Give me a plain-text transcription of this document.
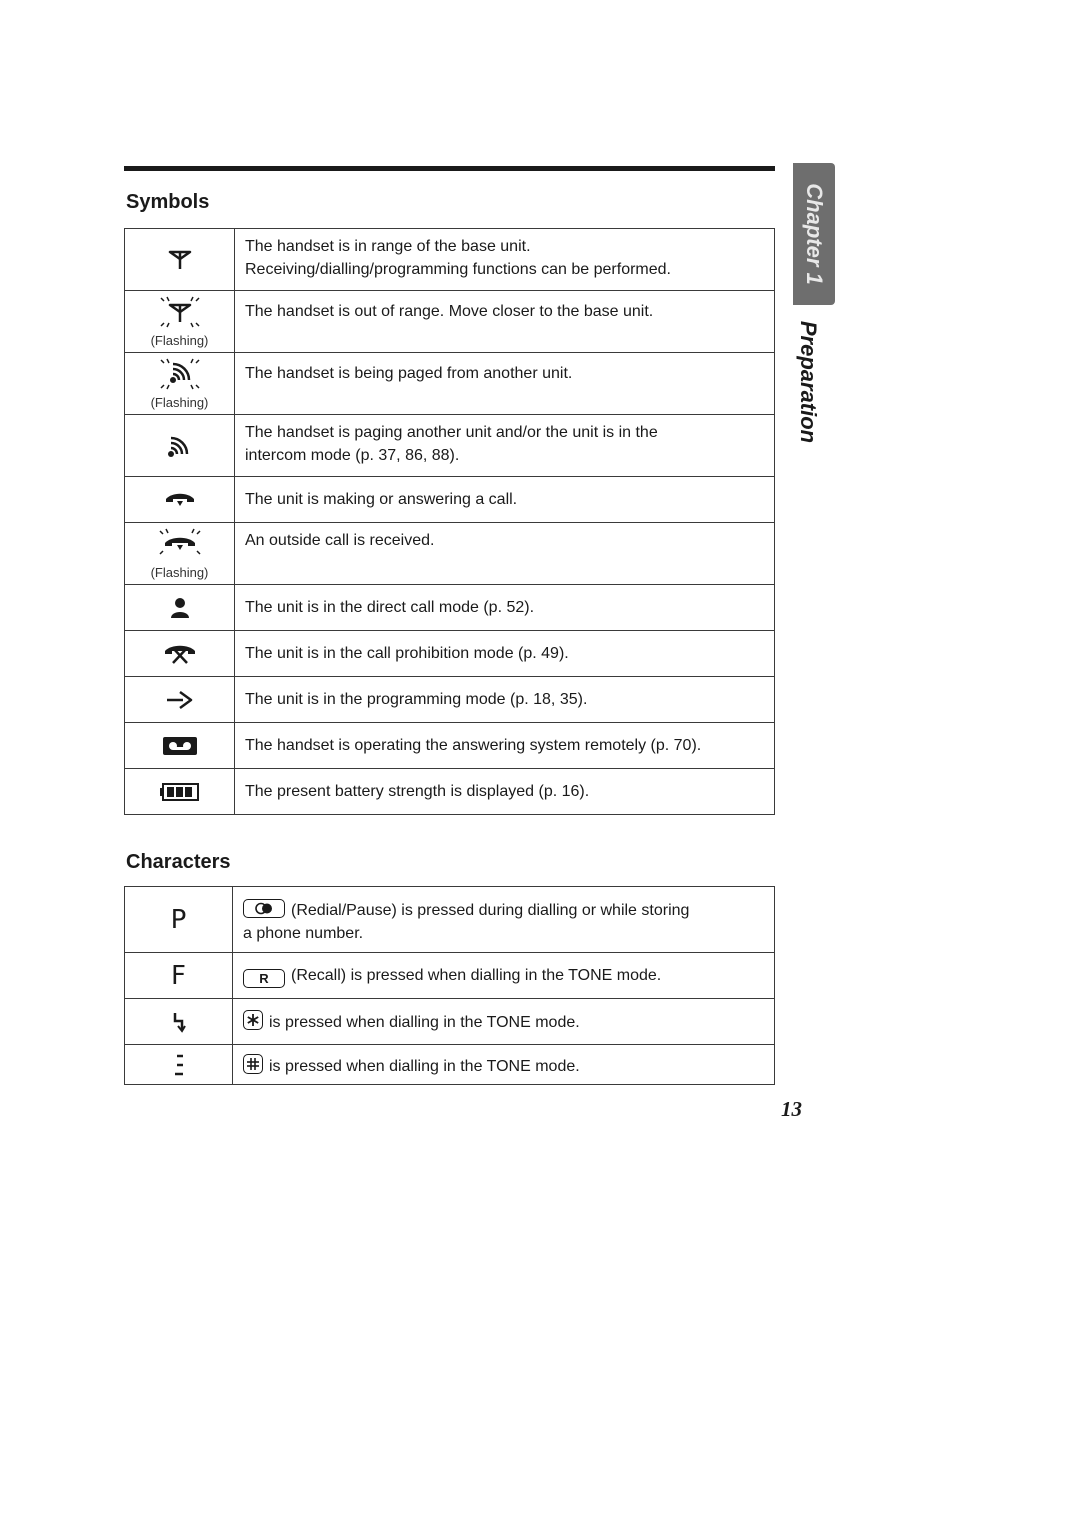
Symbols

The handset is in range of the base unit.
Receiving/dialling/programming functions can be performed.

(Flashing)	The handset is out of range. Move closer to the base unit.

(Flashing)	The handset is being paged from another unit.

The handset is paging another unit and/or the unit is in the
intercom mode (p. 37, 86, 88).

The unit is making or answering a call.

(Flashing)	An outside call is received.

The unit is in the direct call mode (p. 52).

The unit is in the call prohibition mode (p. 49).

The unit is in the programming mode (p. 18, 35).

The handset is operating the answering system remotely (p. 70).

The present battery strength is displayed (p. 16).
Characters
P	(Redial/Pause) is pressed during dialling or while storing
a phone number.

F	R (Recall) is pressed when dialling in the TONE mode.

is pressed when dialling in the TONE mode.

is pressed when dialling in the TONE mode.
Chapter 1
Preparation
13
